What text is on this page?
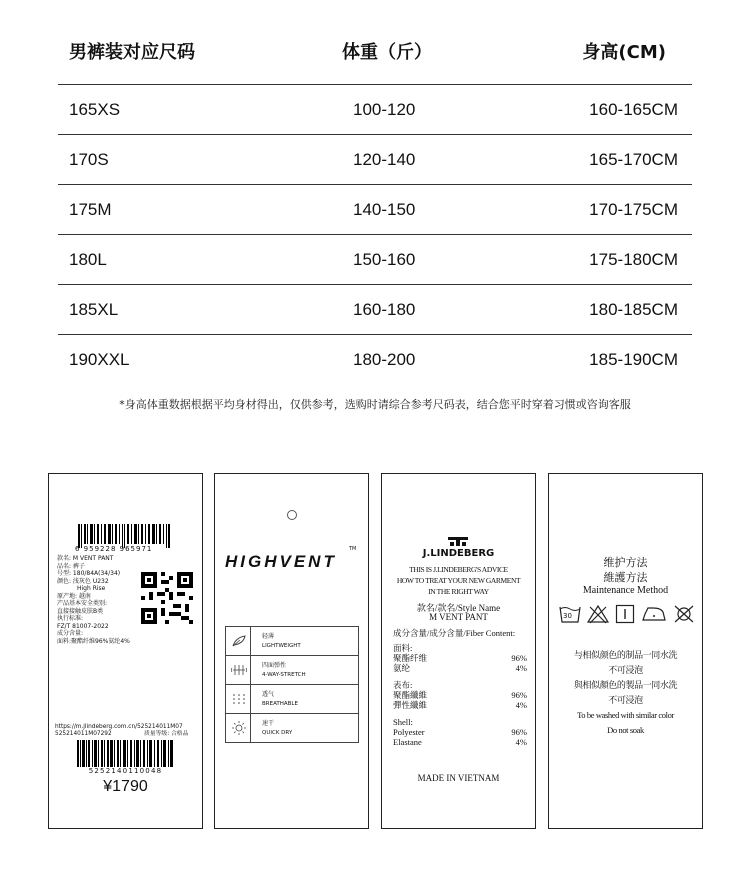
男裤装对应尺码	体重（斤）	身高(CM)
165XS	100-120	160-165CM
170S	120-140	165-170CM
175M	140-150	170-175CM
180L	150-160	175-180CM
185XL	160-180	180-185CM
190XXL	180-200	185-190CM
*身高体重数据根据平均身材得出，仅供参考，选购时请综合参考尺码表，结合您平时穿着习惯或咨询客服
6 959228 965971
款名: M VENT PANT
品名: 裤子
号型: 180/84A(34/34)
颜色: 浅灰色 U232
High Rise
原产地: 越南
产品基本安全类别:
直接接触皮肤B类
执行标准:
FZ/T 81007-2022
成分含量:
面料:聚酯纤维96%氨纶4%
https://m.jlindeberg.com.cn/525214011M07
525214011M07292	质量等级: 合格品
5252140110048
¥1790
HIGHVENT
TM
轻薄
LIGHTWEIGHT
四面弹性
4-WAY-STRETCH
透气
BREATHABLE
速干
QUICK DRY
J.LINDEBERG
THIS IS J.LINDEBERG'S ADVICE
HOW TO TREAT YOUR NEW GARMENT
IN THE RIGHT WAY
款名/款名/Style Name
M VENT PANT
成分含量/成分含量/Fiber Content:
面料:
聚酯纤维	96%
氨纶	4%
表布:
聚酯纖維	96%
彈性纖維	4%
Shell:
Polyester	96%
Elastane	4%
MADE IN VIETNAM
维护方法
維護方法
Maintenance Method
30
与相似颜色的制品一同水洗
不可浸泡
與相似顏色的製品一同水洗
不可浸泡
To be washed with similar color
Do not soak
